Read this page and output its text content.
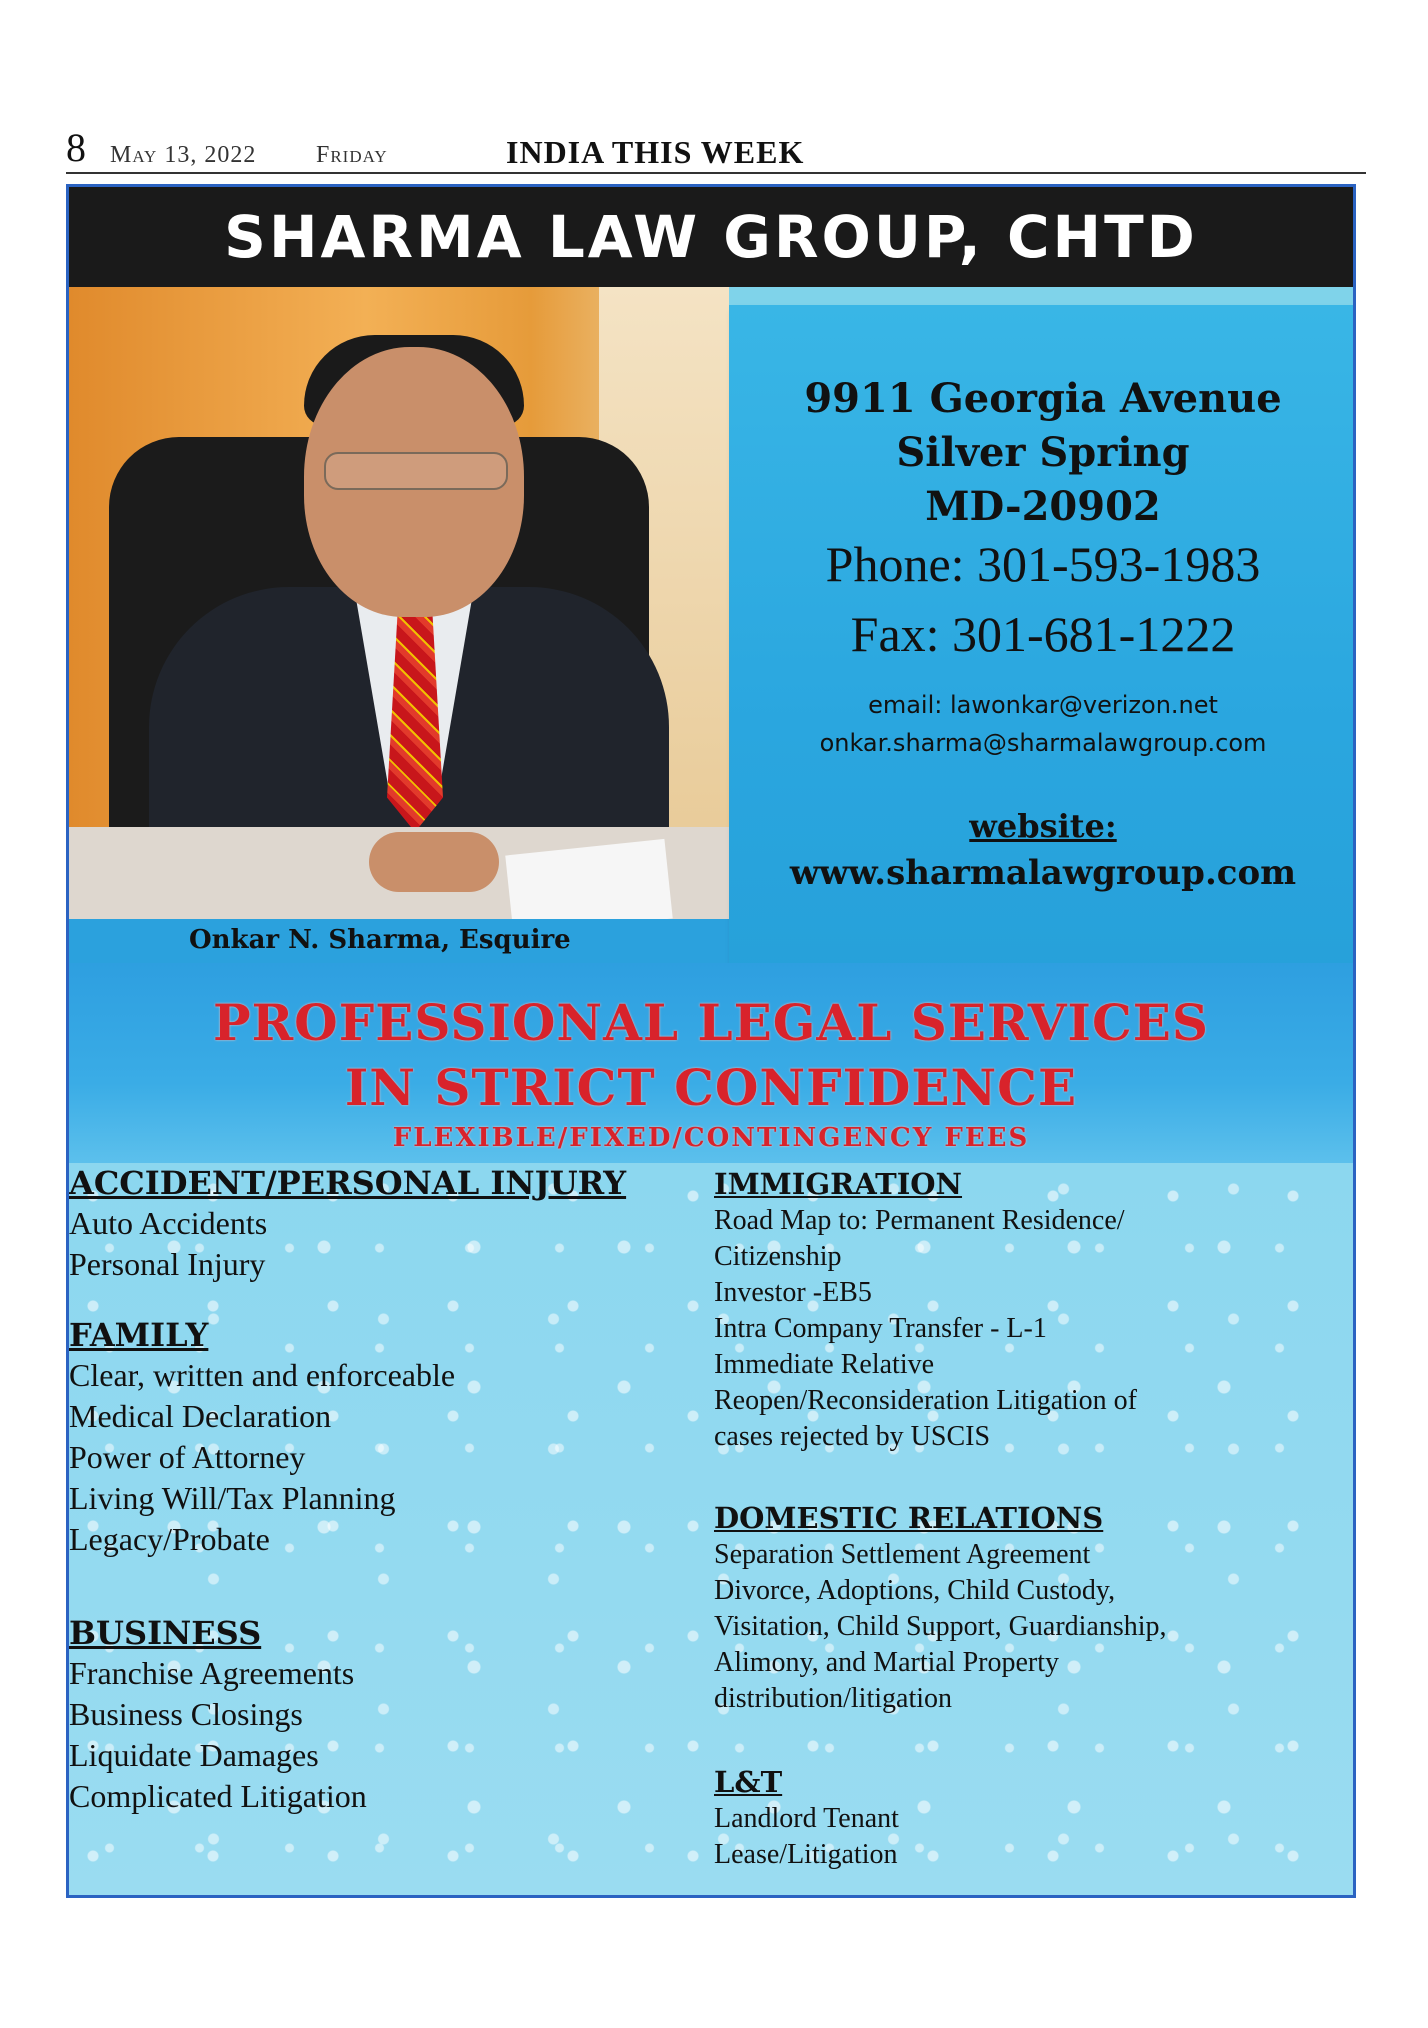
8 May 13, 2022 Friday	INDIA THIS WEEK
SHARMA LAW GROUP, CHTD
Onkar N. Sharma, Esquire
9911 Georgia Avenue
Silver Spring
MD-20902
Phone: 301-593-1983
Fax: 301-681-1222
email: lawonkar@verizon.net
onkar.sharma@sharmalawgroup.com
website:
www.sharmalawgroup.com
PROFESSIONAL LEGAL SERVICES
IN STRICT CONFIDENCE
FLEXIBLE/FIXED/CONTINGENCY FEES
ACCIDENT/PERSONAL INJURY
Auto Accidents
Personal Injury
FAMILY
Clear, written and enforceable
Medical Declaration
Power of Attorney
Living Will/Tax Planning
Legacy/Probate
BUSINESS
Franchise Agreements
Business Closings
Liquidate Damages
Complicated Litigation
IMMIGRATION
Road Map to: Permanent Residence/
Citizenship
Investor -EB5
Intra Company Transfer - L-1
Immediate Relative
Reopen/Reconsideration Litigation of
cases rejected by USCIS
DOMESTIC RELATIONS
Separation Settlement Agreement
Divorce, Adoptions, Child Custody,
Visitation, Child Support, Guardianship,
Alimony, and Martial Property
distribution/litigation
L&T
Landlord Tenant
Lease/Litigation
